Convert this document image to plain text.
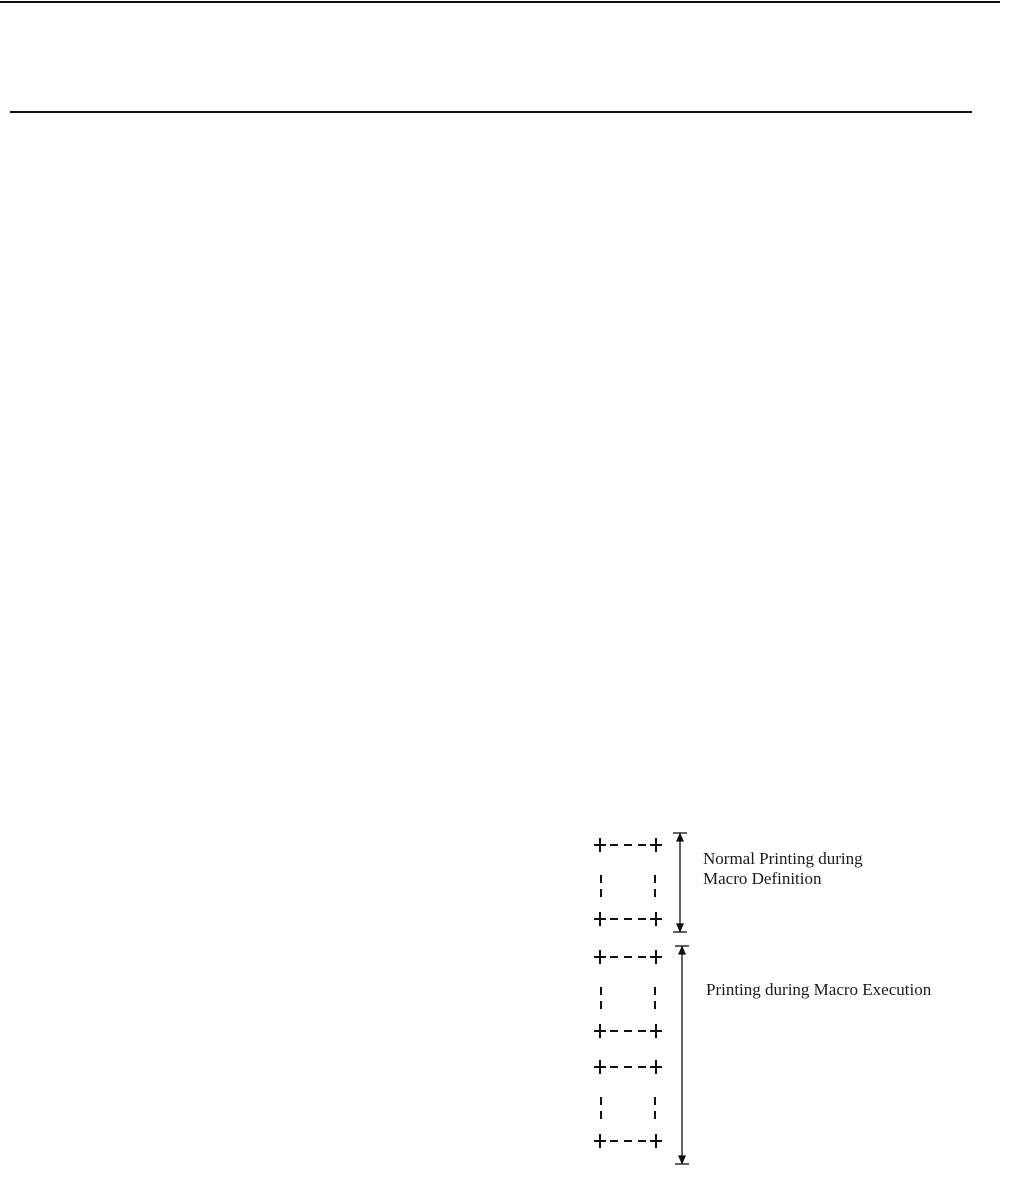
Normal Printing during
Macro Definition
Printing during Macro Execution
